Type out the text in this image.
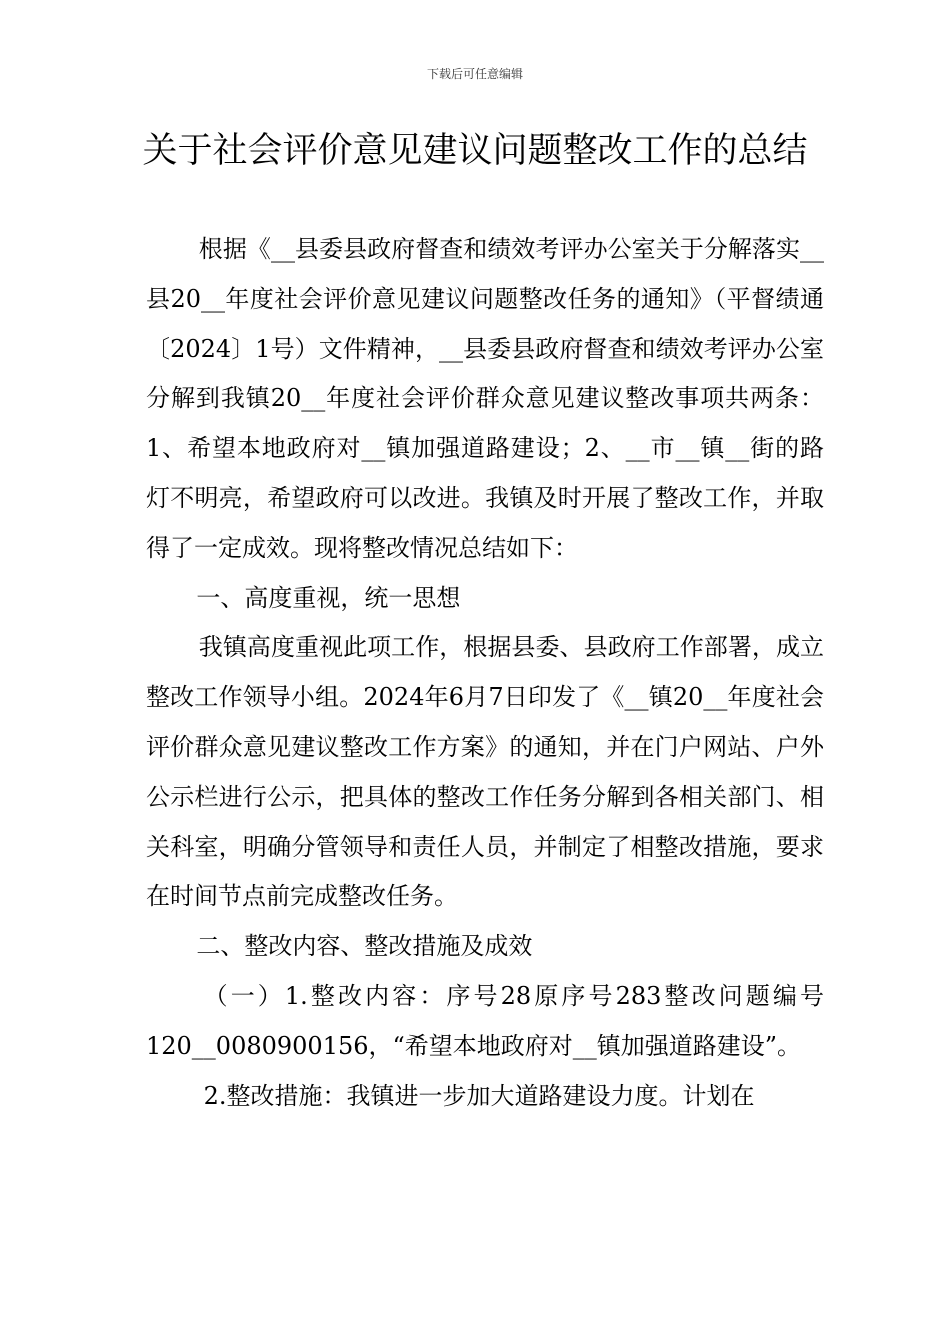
下载后可任意编辑
关于社会评价意见建议问题整改工作的总结

根据《__县委县政府督查和绩效考评办公室关于分解落实__县20__年度社会评价意见建议问题整改任务的通知》（平督绩通〔2024〕1号）文件精神，__县委县政府督查和绩效考评办公室分解到我镇20__年度社会评价群众意见建议整改事项共两条：1、希望本地政府对__镇加强道路建设；2、__市__镇__街的路灯不明亮，希望政府可以改进。我镇及时开展了整改工作，并取得了一定成效。现将整改情况总结如下：

一、高度重视，统一思想

我镇高度重视此项工作，根据县委、县政府工作部署，成立整改工作领导小组。2024年6月7日印发了《__镇20__年度社会评价群众意见建议整改工作方案》的通知，并在门户网站、户外公示栏进行公示，把具体的整改工作任务分解到各相关部门、相关科室，明确分管领导和责任人员，并制定了相整改措施，要求在时间节点前完成整改任务。

二、整改内容、整改措施及成效

（一）1.整改内容：序号28原序号283整改问题编号120__0080900156，“希望本地政府对__镇加强道路建设”。

2.整改措施：我镇进一步加大道路建设力度。计划在
